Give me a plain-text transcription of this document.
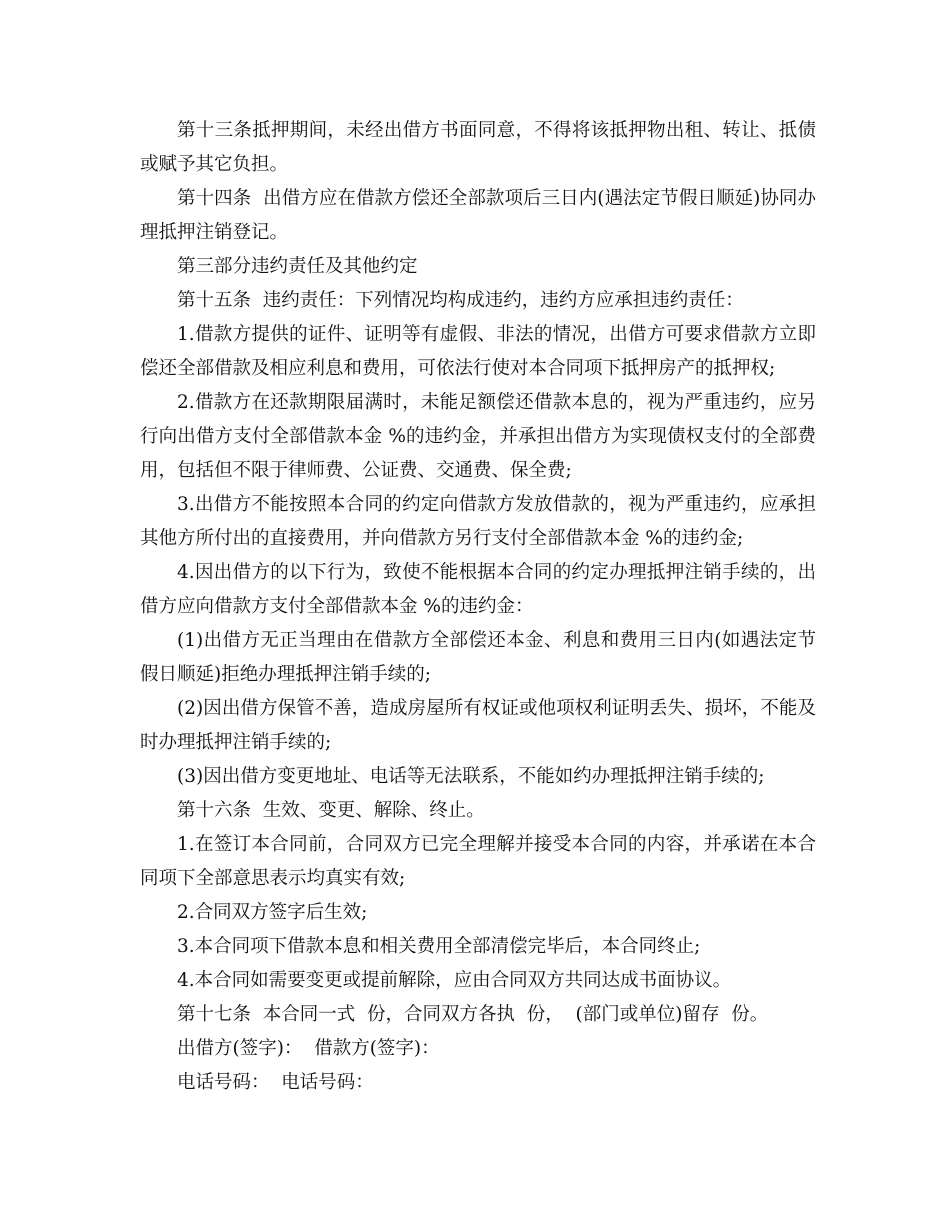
第十三条抵押期间，未经出借方书面同意，不得将该抵押物出租、转让、抵债或赋予其它负担。

第十四条  出借方应在借款方偿还全部款项后三日内(遇法定节假日顺延)协同办理抵押注销登记。

第三部分违约责任及其他约定

第十五条  违约责任：下列情况均构成违约，违约方应承担违约责任：

1.借款方提供的证件、证明等有虚假、非法的情况，出借方可要求借款方立即偿还全部借款及相应利息和费用，可依法行使对本合同项下抵押房产的抵押权;

2.借款方在还款期限届满时，未能足额偿还借款本息的，视为严重违约，应另行向出借方支付全部借款本金 %的违约金，并承担出借方为实现债权支付的全部费用，包括但不限于律师费、公证费、交通费、保全费;

3.出借方不能按照本合同的约定向借款方发放借款的，视为严重违约，应承担其他方所付出的直接费用，并向借款方另行支付全部借款本金 %的违约金;

4.因出借方的以下行为，致使不能根据本合同的约定办理抵押注销手续的，出借方应向借款方支付全部借款本金 %的违约金：

(1)出借方无正当理由在借款方全部偿还本金、利息和费用三日内(如遇法定节假日顺延)拒绝办理抵押注销手续的;

(2)因出借方保管不善，造成房屋所有权证或他项权利证明丢失、损坏，不能及时办理抵押注销手续的;

(3)因出借方变更地址、电话等无法联系，不能如约办理抵押注销手续的;

第十六条  生效、变更、解除、终止。

1.在签订本合同前，合同双方已完全理解并接受本合同的内容，并承诺在本合同项下全部意思表示均真实有效;

2.合同双方签字后生效;

3.本合同项下借款本息和相关费用全部清偿完毕后，本合同终止;

4.本合同如需要变更或提前解除，应由合同双方共同达成书面协议。

第十七条  本合同一式  份，合同双方各执  份，  (部门或单位)留存  份。

出借方(签字)：  借款方(签字)：

电话号码：  电话号码：
